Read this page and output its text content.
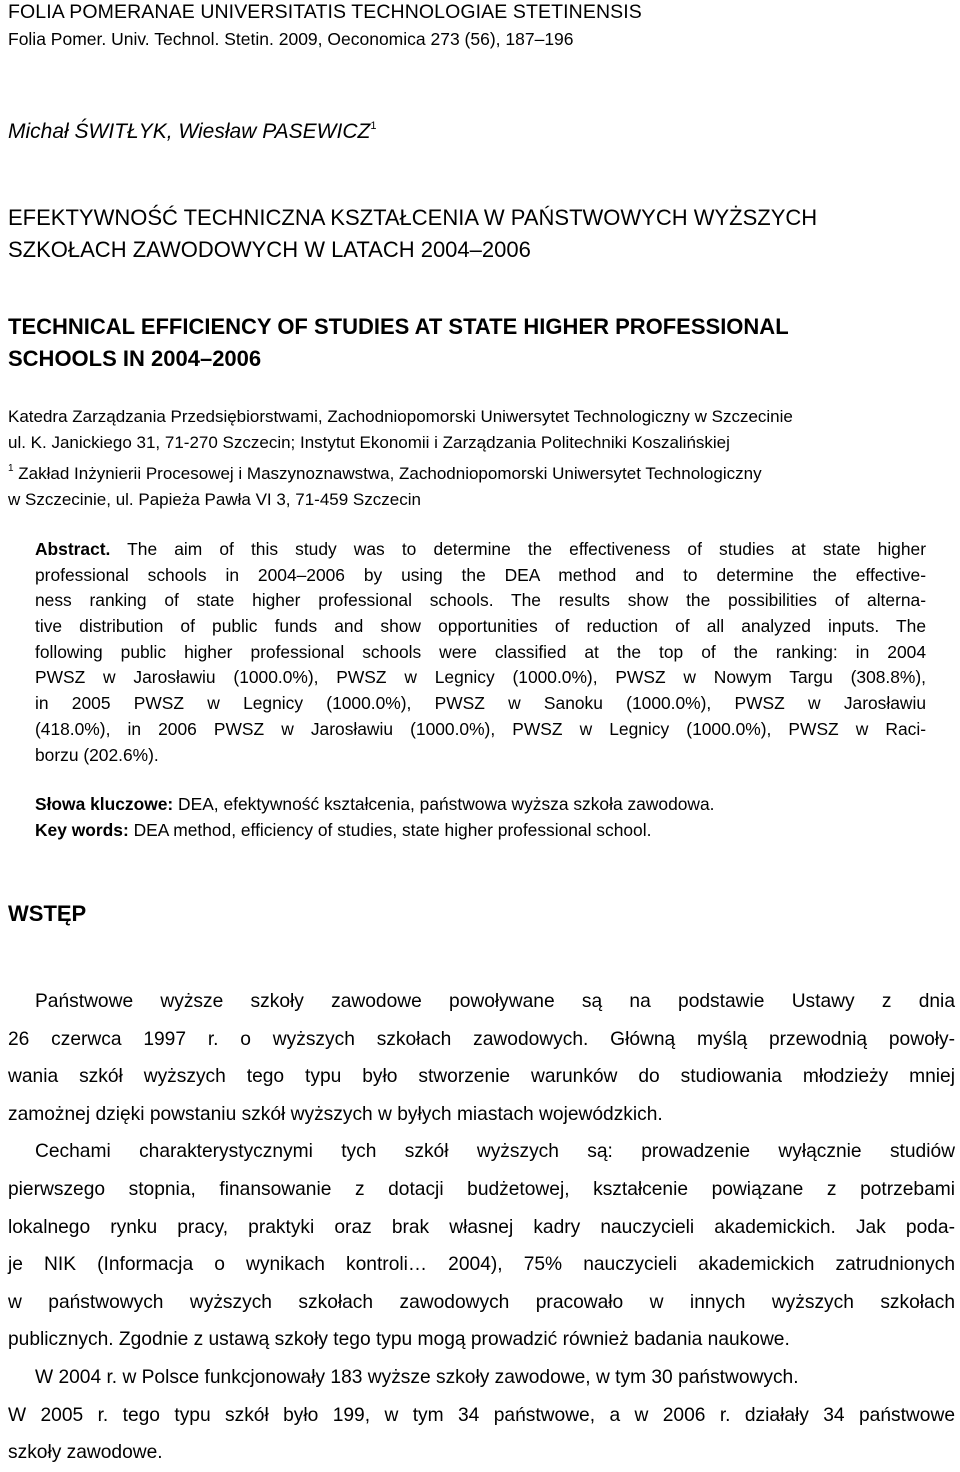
FOLIA POMERANAE UNIVERSITATIS TECHNOLOGIAE STETINENSIS
Folia Pomer. Univ. Technol. Stetin. 2009, Oeconomica 273 (56), 187–196
Michał ŚWITŁYK, Wiesław PASEWICZ$^1$
EFEKTYWNOŚĆ TECHNICZNA KSZTAŁCENIA W PAŃSTWOWYCH WYŻSZYCH
SZKOŁACH ZAWODOWYCH W LATACH 2004–2006
TECHNICAL EFFICIENCY OF STUDIES AT STATE HIGHER PROFESSIONAL
SCHOOLS IN 2004–2006
Katedra Zarządzania Przedsiębiorstwami, Zachodniopomorski Uniwersytet Technologiczny w Szczecinie
ul. K. Janickiego 31, 71-270 Szczecin; Instytut Ekonomii i Zarządzania Politechniki Koszalińskiej
$^1$ Zakład Inżynierii Procesowej i Maszynoznawstwa, Zachodniopomorski Uniwersytet Technologiczny
w Szczecinie, ul. Papieża Pawła VI 3, 71-459 Szczecin
Abstract. The aim of this study was to determine the effectiveness of studies at state higher
professional schools in 2004–2006 by using the DEA method and to determine the effective-
ness ranking of state higher professional schools. The results show the possibilities of alterna-
tive distribution of public funds and show opportunities of reduction of all analyzed inputs. The
following public higher professional schools were classified at the top of the ranking: in 2004
PWSZ w Jarosławiu (1000.0%), PWSZ w Legnicy (1000.0%), PWSZ w Nowym Targu (308.8%),
in 2005 PWSZ w Legnicy (1000.0%), PWSZ w Sanoku (1000.0%), PWSZ w Jarosławiu
(418.0%), in 2006 PWSZ w Jarosławiu (1000.0%), PWSZ w Legnicy (1000.0%), PWSZ w Raci-
borzu (202.6%).
Słowa kluczowe: DEA, efektywność kształcenia, państwowa wyższa szkoła zawodowa.
Key words: DEA method, efficiency of studies, state higher professional school.
WSTĘP
Państwowe wyższe szkoły zawodowe powoływane są na podstawie Ustawy z dnia
26 czerwca 1997 r. o wyższych szkołach zawodowych. Główną myślą przewodnią powoły-
wania szkół wyższych tego typu było stworzenie warunków do studiowania młodzieży mniej
zamożnej dzięki powstaniu szkół wyższych w byłych miastach wojewódzkich.
Cechami charakterystycznymi tych szkół wyższych są: prowadzenie wyłącznie studiów
pierwszego stopnia, finansowanie z dotacji budżetowej, kształcenie powiązane z potrzebami
lokalnego rynku pracy, praktyki oraz brak własnej kadry nauczycieli akademickich. Jak poda-
je NIK (Informacja o wynikach kontroli… 2004), 75% nauczycieli akademickich zatrudnionych
w państwowych wyższych szkołach zawodowych pracowało w innych wyższych szkołach
publicznych. Zgodnie z ustawą szkoły tego typu mogą prowadzić również badania naukowe.
W 2004 r. w Polsce funkcjonowały 183 wyższe szkoły zawodowe, w tym 30 państwowych.
W 2005 r. tego typu szkół było 199, w tym 34 państwowe, a w 2006 r. działały 34 państwowe
szkoły zawodowe.
